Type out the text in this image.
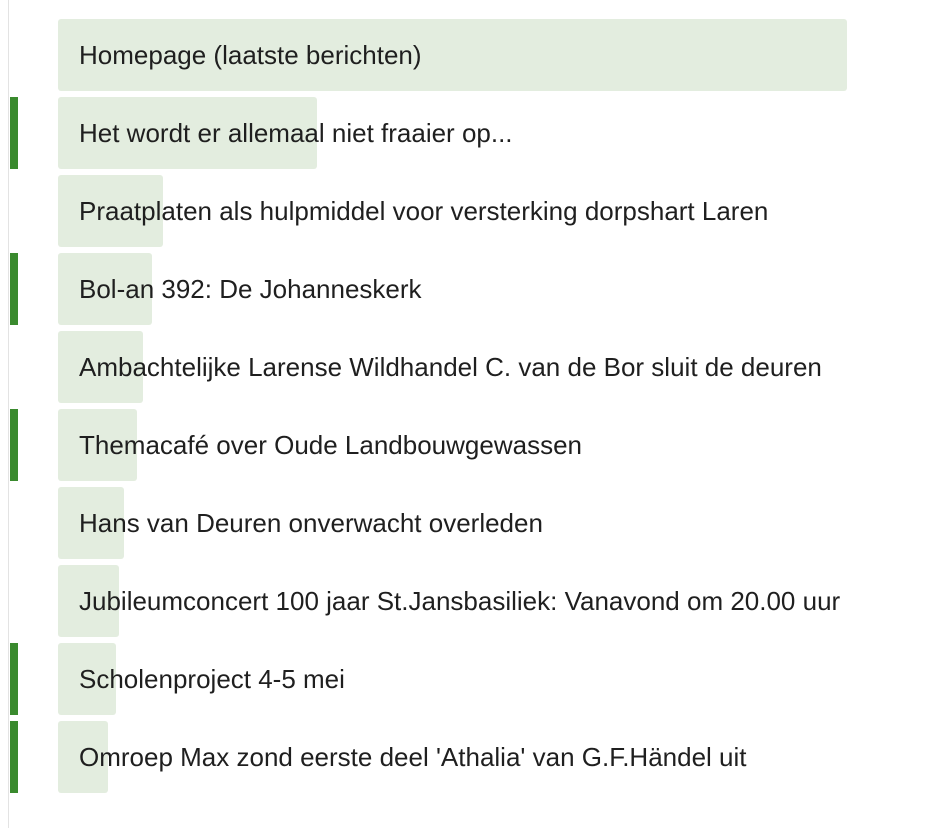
Homepage (laatste berichten)
Het wordt er allemaal niet fraaier op...
Praatplaten als hulpmiddel voor versterking dorpshart Laren
Bol-an 392: De Johanneskerk
Ambachtelijke Larense Wildhandel C. van de Bor sluit de deuren
Themacafé over Oude Landbouwgewassen
Hans van Deuren onverwacht overleden
Jubileumconcert 100 jaar St.Jansbasiliek: Vanavond om 20.00 uur
Scholenproject 4-5 mei
Omroep Max zond eerste deel 'Athalia' van G.F.Händel uit
